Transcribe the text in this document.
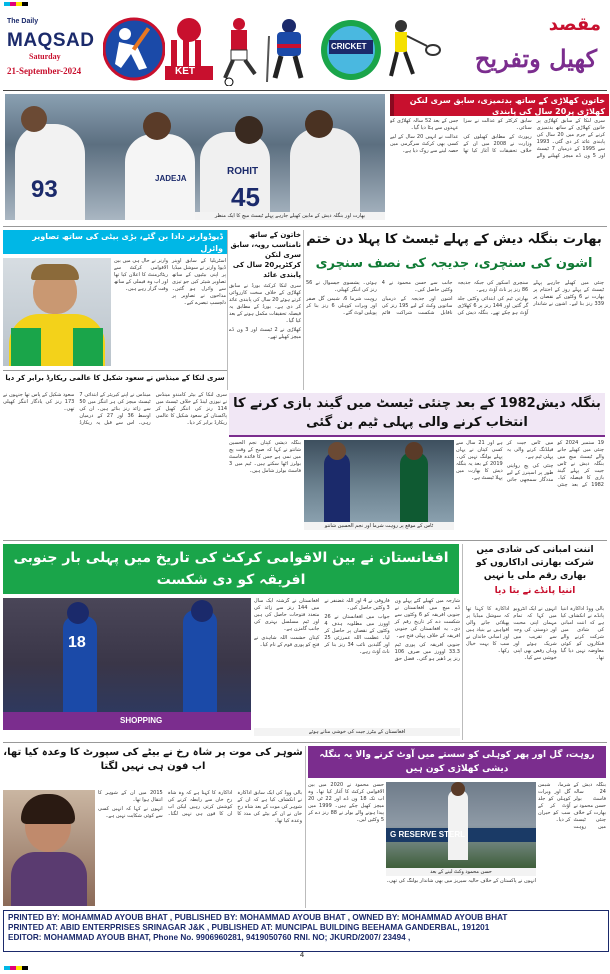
The Daily
MAQSAD
Saturday
21-September-2024	KET
CRICKET
مقصد
کھیل وتفریح
93	JADEJA
ROHIT
45
بھارت اور بنگلہ دیش کے مابین کھیلے جارہے پہلے ٹیسٹ میچ کا ایک منظر
خاتون کھلاڑی کے ساتھ بدتمیزی، سابق سری لنکن کھلاڑی پر20 سال کی پابندی

سری لنکا کے سابق کھلاڑی پر خاتون کھلاڑی کے ساتھ بدتمیزی کرنے کے جرم میں 20 سال کی پابندی عائد کر دی گئی۔ 1993 سے 1995 کے درمیان 7 ٹیسٹ اور 5 ون ڈے میچز کھیلنے والے سابق کرکٹر کو عدالت نے سزا سنائی۔

رپورٹ کے مطابق کھیلوں کی وزارت نے 2008 میں ان کے خلاف تحقیقات کا آغاز کیا تھا جس کے بعد 52 سالہ کھلاڑی کو عہدوں سے ہٹا دیا گیا۔

عدالت نے انہیں 20 سال کے لیے کسی بھی کرکٹ سرگرمی میں حصہ لینے سے روک دیا ہے۔

ڈیوڈوارنر دادا بن گئے، بڑی بیٹی کی ساتھ تصاویر وائرل

آسٹریلیا کے سابق اوپنر ڈیوڈ وارنر نے سوشل میڈیا پر اپنی بیٹیوں کے ساتھ تصاویر شیئر کیں جو تیزی سے وائرل ہو گئیں۔ مداحوں نے تصاویر پر دلچسپ تبصرے کیے۔

وارنر نے حال ہی میں بین الاقوامی کرکٹ سے ریٹائرمنٹ کا اعلان کیا تھا اور اب وہ فیملی کے ساتھ وقت گزار رہے ہیں۔

خاتون کے ساتھ نامناسب رویہ، سابق سری لنکن کرکٹرپر20 سال کی پابندی عائد

سری لنکا کرکٹ بورڈ نے سابق کھلاڑی کے خلاف سخت کارروائی کرتے ہوئے 20 سال کی پابندی عائد کر دی ہے۔ بورڈ کے مطابق یہ فیصلہ تحقیقات مکمل ہونے کے بعد کیا گیا۔

کھلاڑی نے 2 ٹیسٹ اور 3 ون ڈے میچز کھیلے تھے۔

بھارت بنگلہ دیش کے پہلے ٹیسٹ کا پہلا دن ختم
اشون کی سنچری، جدیجہ کی نصف سنچری

چنئی میں کھیلے جارہے پہلے ٹیسٹ کے پہلے روز کے اختتام پر بھارت نے 6 وکٹوں کے نقصان پر 339 رنز بنا لیے۔ اشون نے شاندار سنچری اسکور کی جبکہ جدیجہ 86 رنز پر ناٹ آؤٹ رہے۔

بھارتی ٹیم کی ابتدائی وکٹیں جلد گر گئیں اور 144 رنز پر 6 کھلاڑی آؤٹ ہو چکے تھے۔ بنگلہ دیش کی جانب سے حسن محمود نے 4 وکٹیں حاصل کیں۔

اشون اور جدیجہ کے درمیان ساتویں وکٹ کے لیے 195 رنز کی ناقابل شکست شراکت قائم ہوئی۔ یشسوی جیسوال نے 56 رنز کی اننگز کھیلی۔

روہت شرما 6، شبمن گل صفر اور ویرات کوہلی 6 رنز بنا کر پویلین لوٹ گئے۔

سری لنکا کے مینڈس نے سعود شکیل کا عالمی ریکارڈ برابر کر دیا

سری لنکا کے بیٹر کامندو مینڈس نے نیوزی لینڈ کے خلاف ٹیسٹ میں 114 رنز کی اننگز کھیل کر پاکستان کے سعود شکیل کا عالمی ریکارڈ برابر کر دیا۔

مینڈس نے اپنے کیریئر کے ابتدائی 7 ٹیسٹ میچز کی ہر اننگز میں 50 سے زائد رنز بنائے ہیں۔ ان کی اوسط 36 اور 27 کے درمیان رہی۔ اس سے قبل یہ ریکارڈ سعود شکیل کے پاس تھا جنہوں نے 173 رنز کی یادگار اننگز کھیلی تھی۔	بنگلہ دیش1982 کے بعد چنئی ٹیسٹ میں گیند بازی کرنے کا انتخاب کرنے والی پہلی ٹیم بن گئی

19 ستمبر 2024 کو چنئی میں کھیلے جانے والے ٹیسٹ میچ میں بنگلہ دیش نے ٹاس جیت کر پہلے گیند بازی کا فیصلہ کیا۔ 1982 کے بعد چنئی میں ٹاس جیت کر فیلڈنگ کرنے والی یہ پہلی ٹیم ہے۔

چنئی کی پچ روایتی طور پر اسپنرز کے لیے مددگار سمجھی جاتی ہے اور 21 سال سے کسی کپتان نے یہاں پہلے بولنگ نہیں کی۔ 2019 کے بعد یہ بنگلہ دیش کا بھارت میں پہلا ٹیسٹ ہے۔

بنگلہ دیشی کپتان نجم الحسین شانتو نے کہا کہ صبح کے وقت پچ میں نمی ہے جس کا فائدہ فاسٹ بولرز اٹھا سکتے ہیں۔ ٹیم میں 3 فاسٹ بولرز شامل ہیں۔

ٹاس کے موقع پر روہت شرما اور نجم الحسین شانتو
افغانستان نے بین الاقوامی کرکٹ کی تاریخ میں پہلی بار جنوبی افریقہ کو دی شکست
18
SHOPPING

شارجہ میں کھیلے گئے پہلے ون ڈے میچ میں افغانستان نے جنوبی افریقہ کو 6 وکٹوں سے شکست دے کر تاریخ رقم کر دی۔ یہ افغانستان کی جنوبی افریقہ کے خلاف پہلی فتح ہے۔

جنوبی افریقہ کی پوری ٹیم 33.3 اوورز میں صرف 106 رنز پر ڈھیر ہو گئی۔ فضل حق فاروقی نے 4 اور اللہ غضنفر نے 3 وکٹیں حاصل کیں۔

جواب میں افغانستان نے 26 اوورز میں مطلوبہ ہدف 4 وکٹوں کے نقصان پر حاصل کر لیا۔ عظمت اللہ عمرزئی 25 اور گلبدین نائب 34 رنز بنا کر ناٹ آؤٹ رہے۔

افغانستان نے گزشتہ ایک سال میں 144 رنز سے زائد کی متعدد فتوحات حاصل کی ہیں اور ٹیم مسلسل بہتری کی جانب گامزن ہے۔

کپتان حشمت اللہ شاہدی نے فتح کو پوری قوم کے نام کیا۔

افغانستان کے بیٹرز جیت کی خوشی مناتے ہوئے
اننت امبانی کی شادی میں شرکت بھارتی اداکاروں کو بھاری رقم ملی یا نہیں
اننیا پانڈے نے بتا دیا

بالی ووڈ اداکارہ اننیا پانڈے نے انکشاف کیا ہے کہ اننت امبانی کی شادی میں شرکت کرنے والے فنکاروں کو کوئی معاوضہ نہیں دیا گیا تھا۔

انہوں نے ایک انٹرویو میں کہا کہ تمام مہمان اپنی محبت اور دوستی کی وجہ سے تقریب میں شریک ہوئے اور وہاں رقص بھی اپنی خوشی سے کیا۔

اداکارہ کا کہنا تھا کہ سوشل میڈیا پر پھیلائی جانے والی افواہیں بے بنیاد ہیں اور امبانی خاندان نے سب کا بہت خیال رکھا۔

شوہر کی موت پر شاہ رخ نے بیٹے کی سپورٹ کا وعدہ کیا تھا، اب فون ہی نہیں لگتا

بالی ووڈ کی ایک سابق اداکارہ نے انکشاف کیا ہے کہ ان کے شوہر کی موت کے بعد شاہ رخ خان نے ان کے بیٹے کی مدد کا وعدہ کیا تھا۔

اداکارہ کا کہنا ہے کہ وہ شاہ رخ خان سے رابطہ کرنے کی کوشش کرتی رہیں لیکن اب ان کا فون ہی نہیں لگتا۔ 2015 میں ان کے شوہر کا انتقال ہوا تھا۔

انہوں نے کہا کہ انہیں کسی سے کوئی شکایت نہیں ہے۔

روہت، گل اور پھر کوہلی کو سستے میں آوٹ کرنے والا یہ بنگلہ دیشی کھلاڑی کون ہیں

بنگلہ دیش کے 24 سالہ فاسٹ بولر حسن محمود نے بھارت کے خلاف چنئی ٹیسٹ میں روہت شرما، شبمن گل اور ویرات کوہلی کو جلد آؤٹ کر کے سب کو حیران کر دیا۔

G RESERVE STERL
حسن محمود وکٹ لینے کے بعد

انہوں نے پاکستان کے خلاف حالیہ سیریز میں بھی شاندار بولنگ کی تھی۔

حسن محمود نے 2020 میں بین الاقوامی کرکٹ کا آغاز کیا تھا۔ وہ اب تک 18 ون ڈے اور 22 ٹی 20 میچز کھیل چکے ہیں۔ 1999 میں پیدا ہونے والے بولر نے 88 رنز دے کر 5 وکٹیں لیں۔

PRINTED BY: MOHAMMAD AYOUB BHAT , PUBLISHED BY: MOHAMMAD AYOUB BHAT , OWNED BY: MOHAMMAD AYOUB BHAT
PRINTED AT: ABID ENTERPRISES SRINAGAR J&K , PUBLISHED AT: MUNCIPAL BUILDING BEEHAMA GANDERBAL, 191201
EDITOR: MOHAMMAD AYOUB BHAT, Phone No. 9906960281, 9419050760 RNI. NO; JKURD/2007/ 23494 ,
4
